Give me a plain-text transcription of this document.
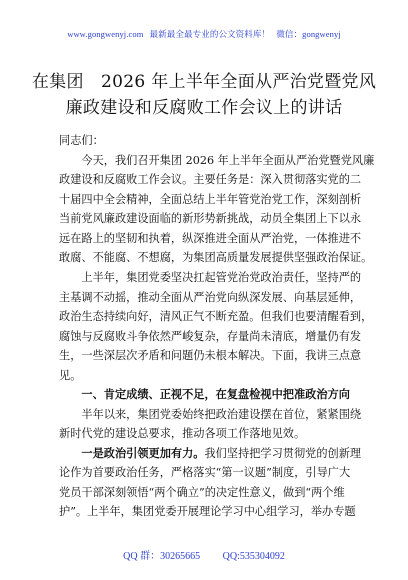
www.gongwenyj.com 最新最全最专业的公文资料库！ 微信：gongwenyj
在集团　2026 年上半年全面从严治党暨党风
廉政建设和反腐败工作会议上的讲话
同志们：
　　今天，我们召开集团 2026 年上半年全面从严治党暨党风廉
政建设和反腐败工作会议。主要任务是：深入贯彻落实党的二
十届四中全会精神，全面总结上半年管党治党工作，深刻剖析
当前党风廉政建设面临的新形势新挑战，动员全集团上下以永
远在路上的坚韧和执着，纵深推进全面从严治党，一体推进不
敢腐、不能腐、不想腐，为集团高质量发展提供坚强政治保证。
　　上半年，集团党委坚决扛起管党治党政治责任，坚持严的
主基调不动摇，推动全面从严治党向纵深发展、向基层延伸，
政治生态持续向好，清风正气不断充盈。但我们也要清醒看到，
腐蚀与反腐败斗争依然严峻复杂，存量尚未清底，增量仍有发
生，一些深层次矛盾和问题仍未根本解决。下面，我讲三点意
见。
　　一、肯定成绩、正视不足，在复盘检视中把准政治方向
　　半年以来，集团党委始终把政治建设摆在首位，紧紧围绕
新时代党的建设总要求，推动各项工作落地见效。
　　一是政治引领更加有力。我们坚持把学习贯彻党的创新理
论作为首要政治任务，严格落实“第一议题”制度，引导广大
党员干部深刻领悟“两个确立”的决定性意义，做到“两个维
护”。上半年，集团党委开展理论学习中心组学习，举办专题
QQ 群：30265665 QQ:535304092
